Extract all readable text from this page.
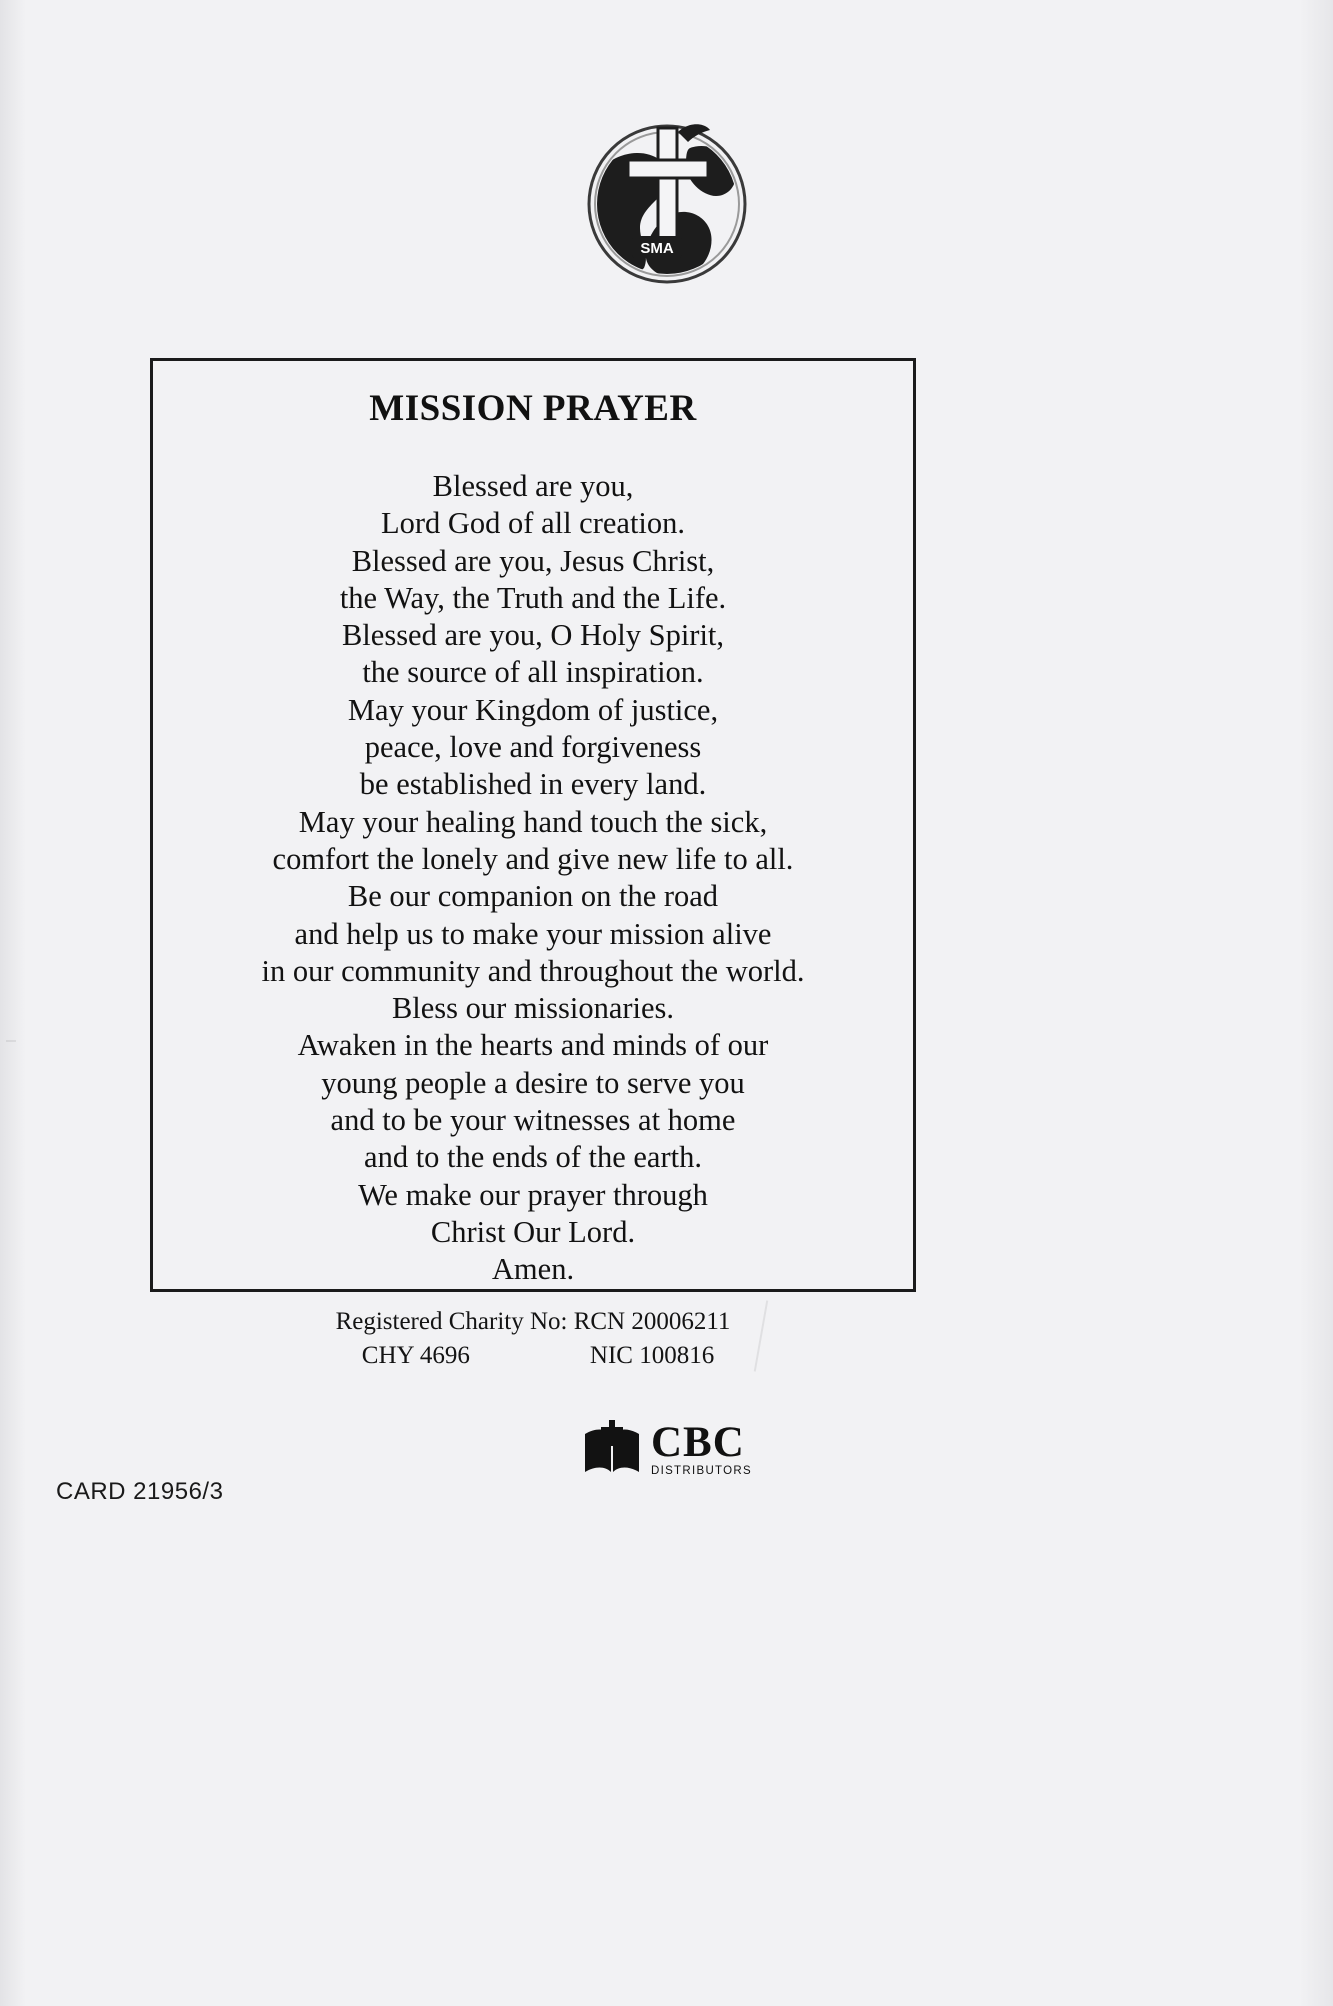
SMA
MISSION PRAYER
Blessed are you,
Lord God of all creation.
Blessed are you, Jesus Christ,
the Way, the Truth and the Life.
Blessed are you, O Holy Spirit,
the source of all inspiration.
May your Kingdom of justice,
peace, love and forgiveness
be established in every land.
May your healing hand touch the sick,
comfort the lonely and give new life to all.
Be our companion on the road
and help us to make your mission alive
in our community and throughout the world.
Bless our missionaries.
Awaken in the hearts and minds of our
young people a desire to serve you
and to be your witnesses at home
and to the ends of the earth.
We make our prayer through
Christ Our Lord.
Amen.
Registered Charity No: RCN 20006211
CHY 4696	NIC 100816
CBC
DISTRIBUTORS
CARD 21956/3
